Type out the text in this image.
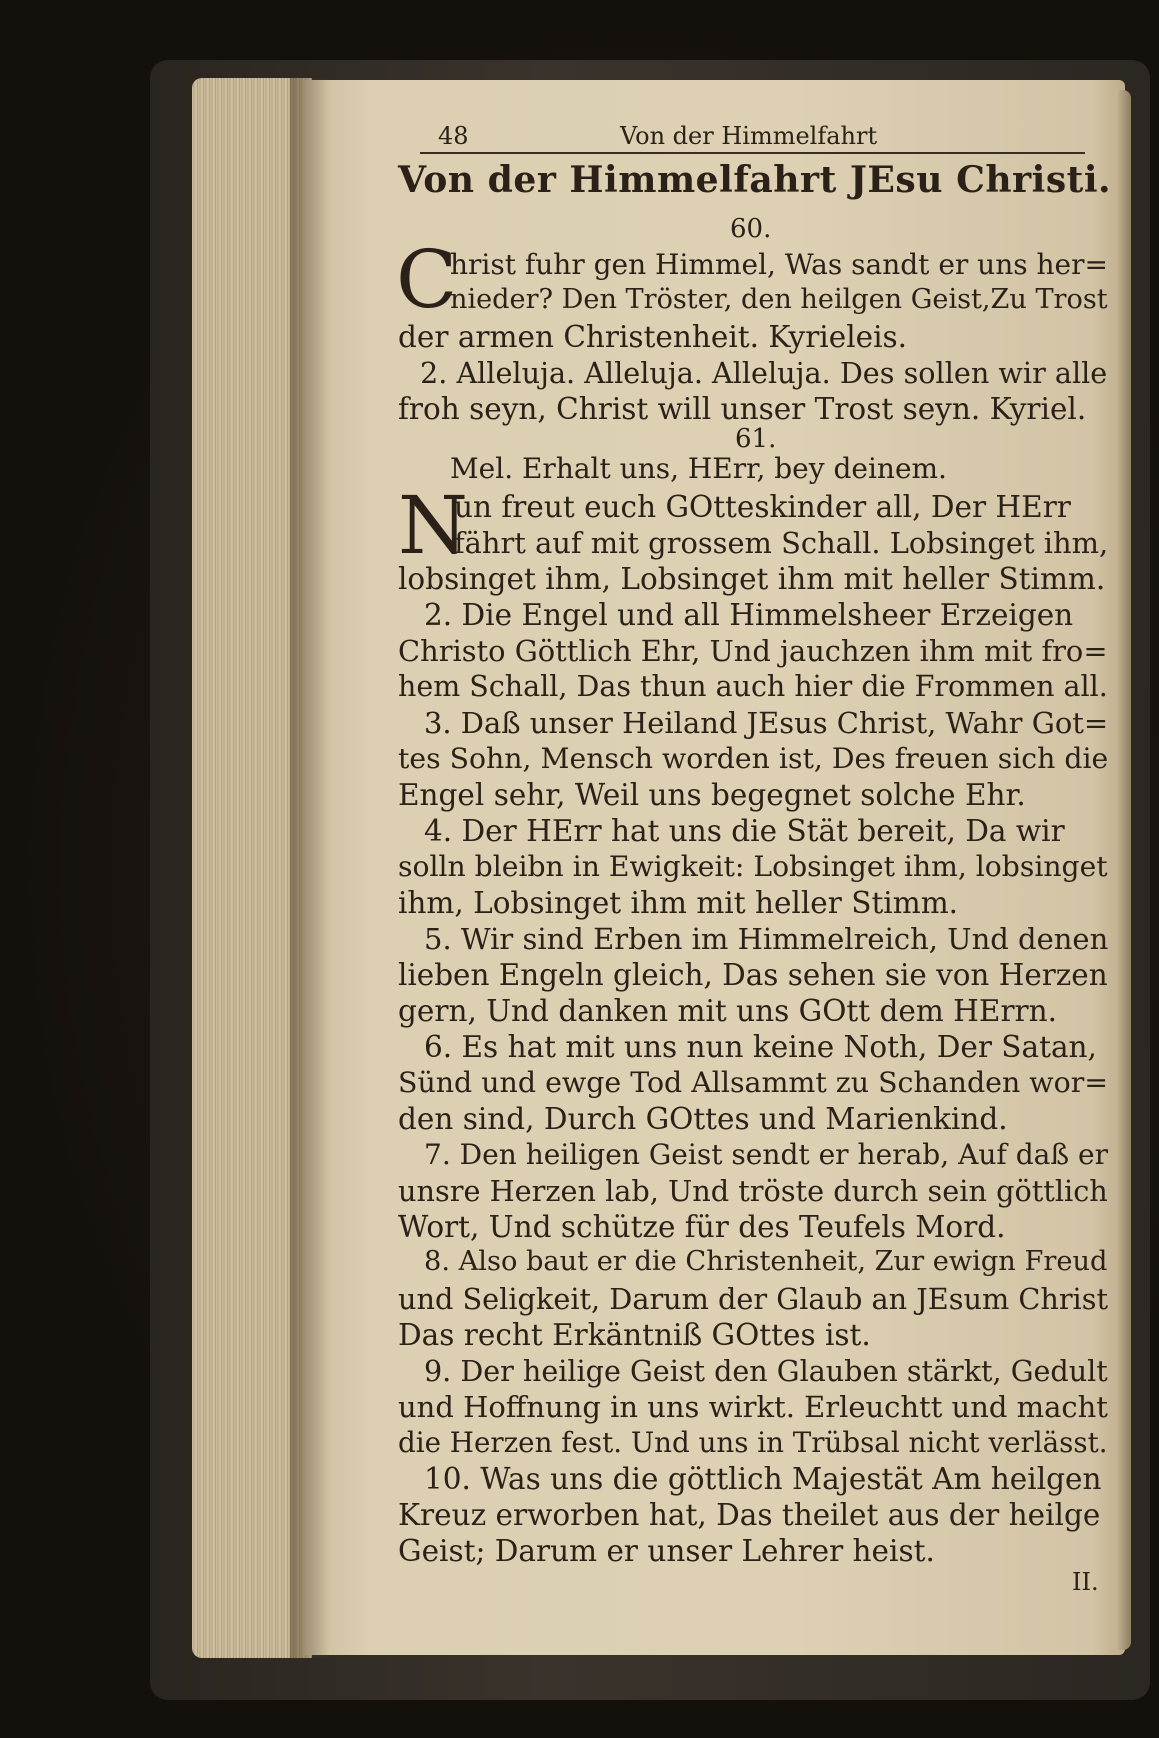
48	Von der Himmelfahrt
Von der Himmelfahrt JEsu Christi.
60.
C
hrist fuhr gen Himmel, Was sandt er uns her=
nieder? Den Tröster, den heilgen Geist,Zu Trost
der armen Christenheit. Kyrieleis.
2. Alleluja. Alleluja. Alleluja. Des sollen wir alle
froh seyn, Christ will unser Trost seyn. Kyriel.
61.
Mel. Erhalt uns, HErr, bey deinem.
N
un freut euch GOtteskinder all, Der HErr
fährt auf mit grossem Schall. Lobsinget ihm,
lobsinget ihm, Lobsinget ihm mit heller Stimm.
2. Die Engel und all Himmelsheer Erzeigen
Christo Göttlich Ehr, Und jauchzen ihm mit fro=
hem Schall, Das thun auch hier die Frommen all.
3. Daß unser Heiland JEsus Christ, Wahr Got=
tes Sohn, Mensch worden ist, Des freuen sich die
Engel sehr, Weil uns begegnet solche Ehr.
4. Der HErr hat uns die Stät bereit, Da wir
solln bleibn in Ewigkeit: Lobsinget ihm, lobsinget
ihm, Lobsinget ihm mit heller Stimm.
5. Wir sind Erben im Himmelreich, Und denen
lieben Engeln gleich, Das sehen sie von Herzen
gern, Und danken mit uns GOtt dem HErrn.
6. Es hat mit uns nun keine Noth, Der Satan,
Sünd und ewge Tod Allsammt zu Schanden wor=
den sind, Durch GOttes und Marienkind.
7. Den heiligen Geist sendt er herab, Auf daß er
unsre Herzen lab, Und tröste durch sein göttlich
Wort, Und schütze für des Teufels Mord.
8. Also baut er die Christenheit, Zur ewign Freud
und Seligkeit, Darum der Glaub an JEsum Christ
Das recht Erkäntniß GOttes ist.
9. Der heilige Geist den Glauben stärkt, Gedult
und Hoffnung in uns wirkt. Erleuchtt und macht
die Herzen fest. Und uns in Trübsal nicht verlässt.
10. Was uns die göttlich Majestät Am heilgen
Kreuz erworben hat, Das theilet aus der heilge
Geist; Darum er unser Lehrer heist.
II.
